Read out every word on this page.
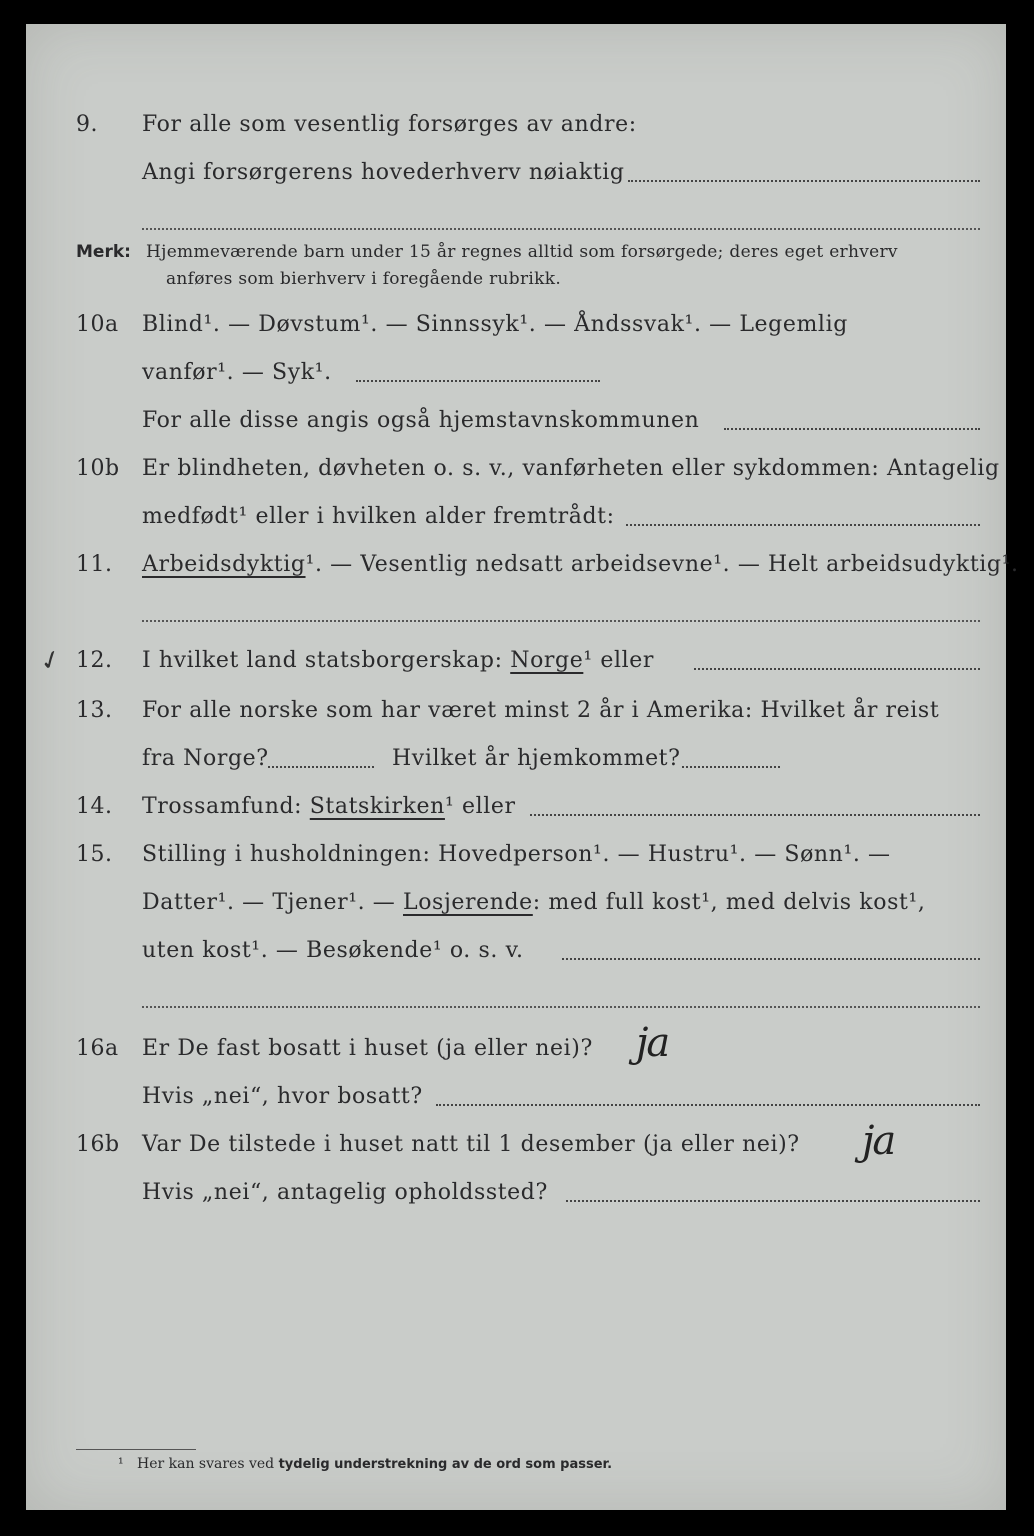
9. For alle som vesentlig forsørges av andre:
Angi forsørgerens hovederhverv nøiaktig
Merk: Hjemmeværende barn under 15 år regnes alltid som forsørgede; deres eget erhverv
anføres som bierhverv i foregående rubrikk.
10a Blind¹. — Døvstum¹. — Sinnssyk¹. — Åndssvak¹. — Legemlig
vanfør¹. — Syk¹.
For alle disse angis også hjemstavnskommunen
10b Er blindheten, døvheten o. s. v., vanførheten eller sykdommen: Antagelig
medfødt¹ eller i hvilken alder fremtrådt:
11. Arbeidsdyktig¹. — Vesentlig nedsatt arbeidsevne¹. — Helt arbeidsudyktig¹.
✓ 12. I hvilket land statsborgerskap: Norge¹ eller
13. For alle norske som har været minst 2 år i Amerika: Hvilket år reist
fra Norge?	Hvilket år hjemkommet?
14. Trossamfund: Statskirken¹ eller
15. Stilling i husholdningen: Hovedperson¹. — Hustru¹. — Sønn¹. —
Datter¹. — Tjener¹. — Losjerende: med full kost¹, med delvis kost¹,
uten kost¹. — Besøkende¹ o. s. v.
16a Er De fast bosatt i huset (ja eller nei)? ja
Hvis „nei“, hvor bosatt?
16b Var De tilstede i huset natt til 1 desember (ja eller nei)? ja
Hvis „nei“, antagelig opholdssted?
¹ Her kan svares ved tydelig understrekning av de ord som passer.
